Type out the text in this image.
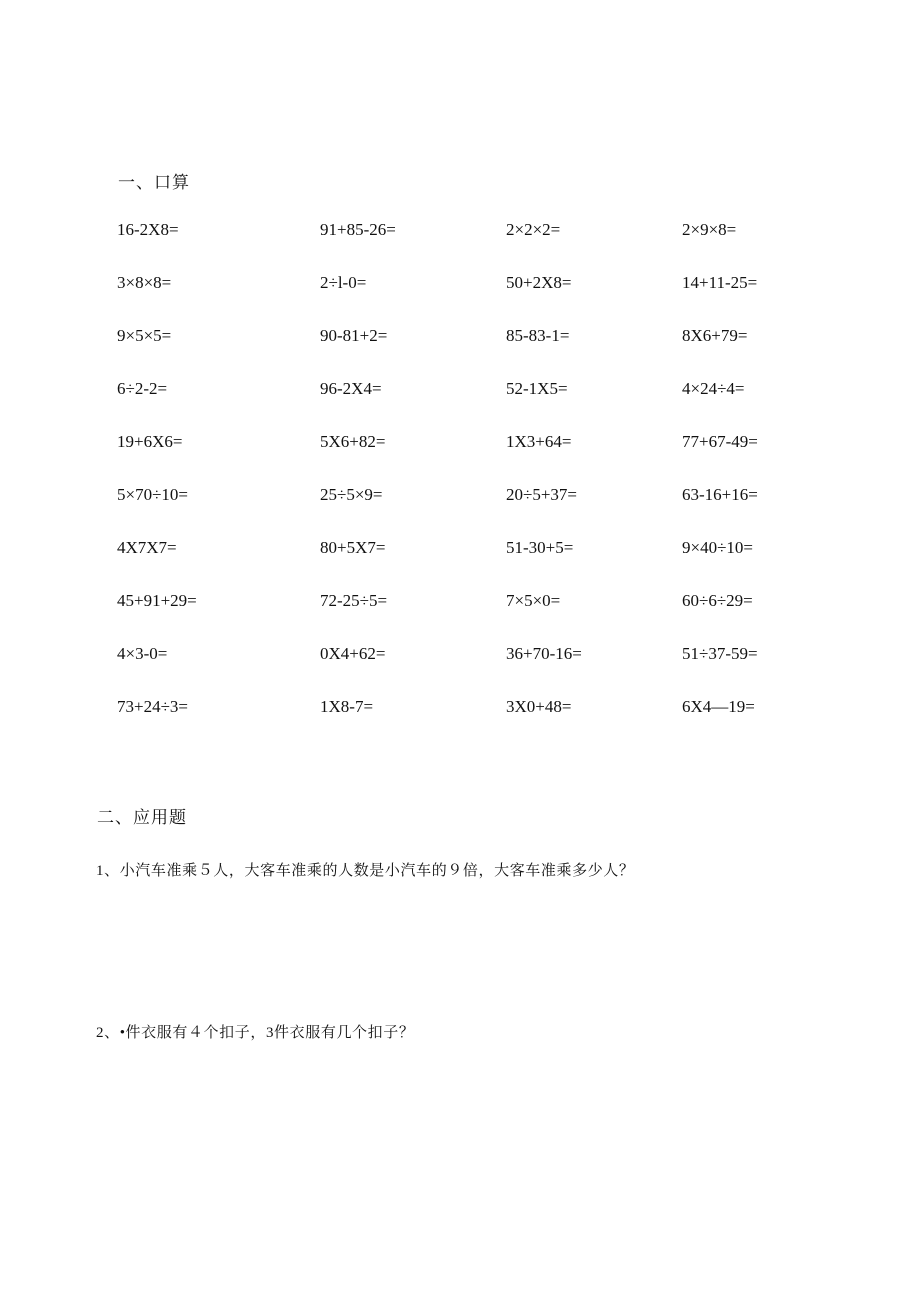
一、口算
16-2X8=	91+85-26=	2×2×2=	2×9×8=
3×8×8=	2÷l-0=	50+2X8=	14+11-25=
9×5×5=	90-81+2=	85-83-1=	8X6+79=
6÷2-2=	96-2X4=	52-1X5=	4×24÷4=
19+6X6=	5X6+82=	1X3+64=	77+67-49=
5×70÷10=	25÷5×9=	20÷5+37=	63-16+16=
4X7X7=	80+5X7=	51-30+5=	9×40÷10=
45+91+29=	72-25÷5=	7×5×0=	60÷6÷29=
4×3-0=	0X4+62=	36+70-16=	51÷37-59=
73+24÷3=	1X8-7=	3X0+48=	6X4—19=
二、应用题
1、小汽车准乘５人，大客车准乘的人数是小汽车的９倍，大客车准乘多少人？
2、•件衣服有４个扣子，3件衣服有几个扣子？
